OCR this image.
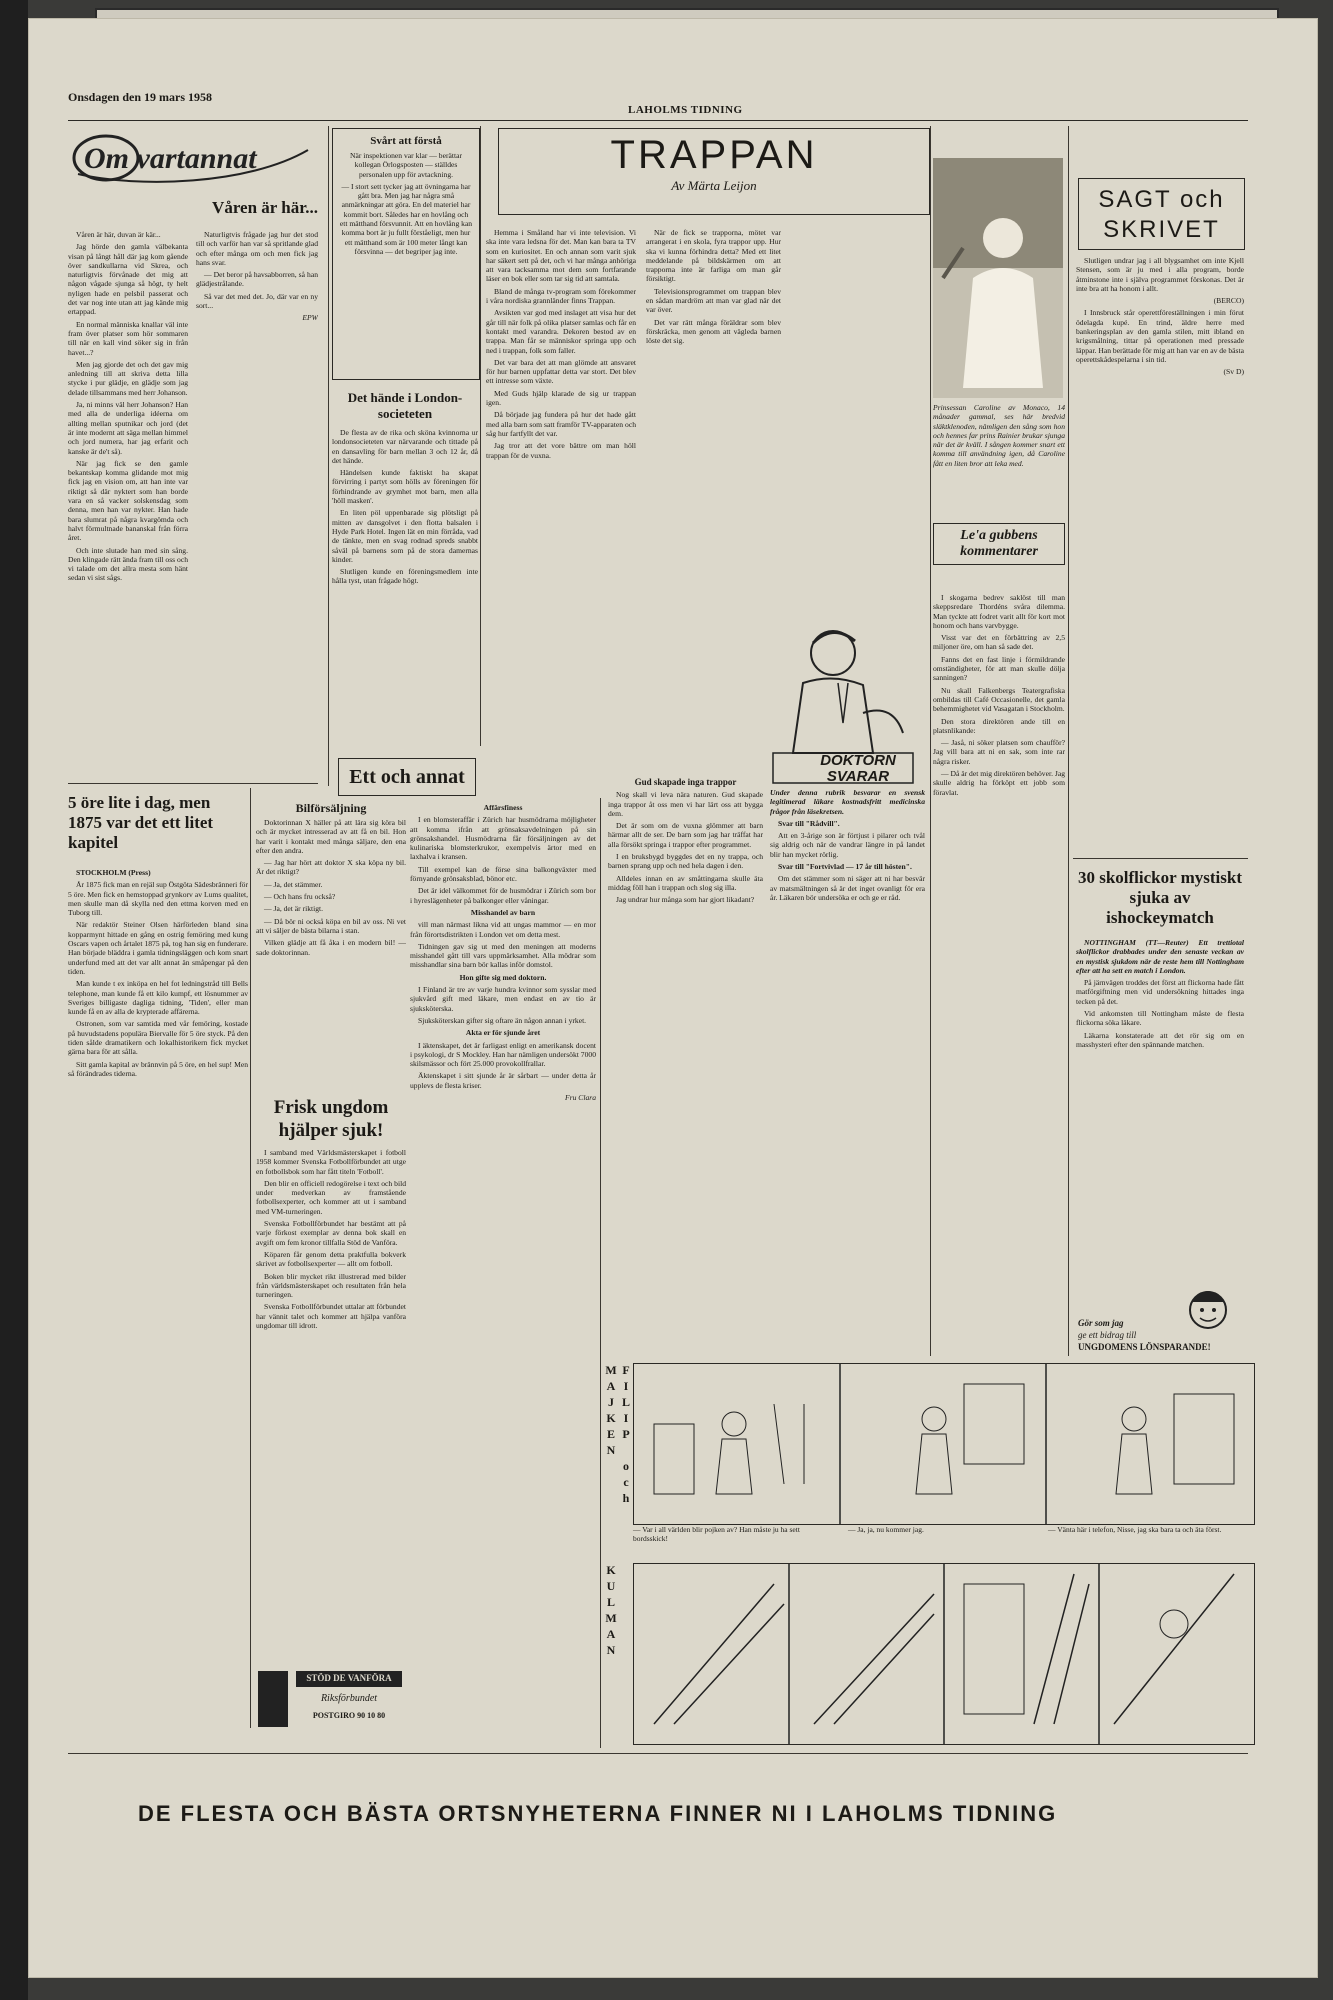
Onsdagen den 19 mars 1958
LAHOLMS TIDNING
Om vartannat
Våren är här...

Våren är här, duvan är kär...

Jag hörde den gamla välbekanta visan på långt håll där jag kom gående över sandkullarna vid Skrea, och naturligtvis förvånade det mig att någon vågade sjunga så högt, ty helt nyligen hade en pelsbil passerat och det var nog inte utan att jag kände mig ertappad.

En normal människa knallar väl inte fram över platser som hör sommaren till när en kall vind söker sig in från havet...?

Men jag gjorde det och det gav mig anledning till att skriva detta lilla stycke i pur glädje, en glädje som jag delade tillsammans med herr Johanson.

Ja, ni minns väl herr Johanson? Han med alla de underliga idéerna om allting mellan sputnikar och jord (det är inte modernt att säga mellan himmel och jord numera, har jag erfarit och kanske är de't så).

När jag fick se den gamle bekantskap komma glidande mot mig fick jag en vision om, att han inte var riktigt så där nyktert som han borde vara en så vacker solskensdag som denna, men han var nykter. Han hade bara slumrat på några kvargömda och halvt förmultnade bananskal från förra året.

Och inte slutade han med sin sång. Den klingade rätt ända fram till oss och vi talade om det allra mesta som hänt sedan vi sist sågs.

Naturligtvis frågade jag hur det stod till och varför han var så spritlande glad och efter många om och men fick jag hans svar.

— Det beror på havsabborren, så han glädjestrålande.

Så var det med det. Jo, där var en ny sort...

EPW

5 öre lite i dag, men 1875 var det ett litet kapitel

STOCKHOLM (Press)

År 1875 fick man en rejäl sup Östgöta Sädesbränneri för 5 öre. Men fick en hemstoppad grynkorv av Lums qualitet, men skulle man då skylla ned den ettma korven med en Tuborg till.

När redaktör Steiner Olsen härförleden bland sina kopparmynt hittade en gång en ostrig femöring med kung Oscars vapen och årtalet 1875 på, tog han sig en funderare. Han började bläddra i gamla tidningsläggen och kom snart underfund med att det var allt annat än småpengar på den tiden.

Man kunde t ex inköpa en hel fot ledningstråd till Bells telephone, man kunde få ett kilo kumpf, ett lösnummer av Sveriges billigaste dagliga tidning, 'Tiden', eller man kunde få en av alla de krypterade affärerna.

Ostronen, som var samtida med vår femöring, kostade på huvudstadens populära Biervalle för 5 öre styck. På den tiden sålde dramatikern och lokalhistorikern fick mycket gärna bara för att sålla.

Sitt gamla kapital av brännvin på 5 öre, en hel sup! Men så förändrades tiderna.

Bilförsäljning

Doktorinnan X häller på att lära sig köra bil och är mycket intresserad av att få en bil. Hon har varit i kontakt med många säljare, den ena efter den andra.

— Jag har hört att doktor X ska köpa ny bil. Är det riktigt?

— Ja, det stämmer.

— Och hans fru också?

— Ja, det är riktigt.

— Då bör ni också köpa en bil av oss. Ni vet att vi säljer de bästa bilarna i stan.

Vilken glädje att få åka i en modern bil! — sade doktorinnan.

Frisk ungdom hjälper sjuk!

I samband med Världsmästerskapet i fotboll 1958 kommer Svenska Fotbollförbundet att utge en fotbollsbok som har fått titeln 'Fotboll'.

Den blir en officiell redogörelse i text och bild under medverkan av framstående fotbollsexperter, och kommer att ut i samband med VM-turneringen.

Svenska Fotbollförbundet har bestämt att på varje förkost exemplar av denna bok skall en avgift om fem kronor tillfalla Stöd de Vanföra.

Köparen får genom detta praktfulla bokverk skrivet av fotbollsexperter — allt om fotboll.

Boken blir mycket rikt illustrerad med bilder från världsmästerskapet och resultaten från hela turneringen.

Svenska Fotbollförbundet uttalar att förbundet har vännit talet och kommer att hjälpa vanföra ungdomar till idrott.

STÖD DE VANFÖRA
Riksförbundet
POSTGIRO 90 10 80
Svårt att förstå

När inspektionen var klar — berättar kollegan Örlogsposten — ställdes personalen upp för avtackning.

— I stort sett tycker jag att övningarna har gått bra. Men jag har några små anmärkningar att göra. En del materiel har kommit bort. Således har en hovlång och ett mätthand försvunnit. Att en hovlång kan komma bort är ju fullt förståeligt, men hur ett mätthand som är 100 meter långt kan försvinna — det begriper jag inte.

Det hände i London-societeten

De flesta av de rika och sköna kvinnorna ur londonsocieteten var närvarande och tittade på en dansavling för barn mellan 3 och 12 år, då det hände.

Händelsen kunde faktiskt ha skapat förvirring i partyt som hölls av föreningen för förhindrande av grymhet mot barn, men alla 'höll masken'.

En liten pöl uppenbarade sig plötsligt på mitten av dansgolvet i den flotta balsalen i Hyde Park Hotel. Ingen lät en min förråda, vad de tänkte, men en svag rodnad spreds snabbt såväl på barnens som på de stora damernas kinder.

Slutligen kunde en föreningsmedlem inte hålla tyst, utan frågade högt.

Ett och annat

Affärsfiness

I en blomsteraffär i Zürich har husmödrarna möjligheter att komma ifrån att grönsaksavdelningen på sin grönsakshandel. Husmödrarna får försäljningen av det kulinariska blomsterkrukor, exempelvis ärtor med en laxhalva i kransen.

Till exempel kan de förse sina balkongväxter med förnyande grönsaksblad, bönor etc.

Det är idel välkommet för de husmödrar i Zürich som bor i hyreslägenheter på balkonger eller våningar.

Misshandel av barn

vill man närmast likna vid att ungas mammor — en mor från förortsdistrikten i London vet om detta mest.

Tidningen gav sig ut med den meningen att moderns misshandel gått till vars uppmärksamhet. Alla mödrar som misshandlar sina barn bör kallas inför domstol.

Hon gifte sig med doktorn.

I Finland är tre av varje hundra kvinnor som sysslar med sjukvård gift med läkare, men endast en av tio är sjuksköterska.

Sjuksköterskan gifter sig oftare än någon annan i yrket.

Akta er för sjunde året

I äktenskapet, det är farligast enligt en amerikansk docent i psykologi, dr S Mockley. Han har nämligen undersökt 7000 skilsmässor och fört 25.000 provokollfrallar.

Äktenskapet i sitt sjunde år är sårbart — under detta år upplevs de flesta kriser.

Fru Clara

TRAPPAN
Av Märta Leijon

Hemma i Småland har vi inte television. Vi ska inte vara ledsna för det. Man kan bara ta TV som en kuriositet. En och annan som varit sjuk har säkert sett på det, och vi har många anhöriga att vara tacksamma mot dem som fortfarande läser en bok eller som tar sig tid att samtala.

Bland de många tv-program som förekommer i våra nordiska grannländer finns Trappan.

Avsikten var god med inslaget att visa hur det går till när folk på olika platser samlas och får en kontakt med varandra. Dekoren bestod av en trappa. Man får se människor springa upp och ned i trappan, folk som faller.

Det var bara det att man glömde att ansvaret för hur barnen uppfattar detta var stort. Det blev ett intresse som växte.

Med Guds hjälp klarade de sig ur trappan igen.

Då började jag fundera på hur det hade gått med alla barn som satt framför TV-apparaten och såg hur fartfyllt det var.

Jag tror att det vore bättre om man höll trappan för de vuxna.

Gud skapade inga trappor

Nog skall vi leva nära naturen. Gud skapade inga trappor åt oss men vi har lärt oss att bygga dem.

Det är som om de vuxna glömmer att barn härmar allt de ser. De barn som jag har träffat har alla försökt springa i trappor efter programmet.

I en bruksbygd byggdes det en ny trappa, och barnen sprang upp och ned hela dagen i den.

Alldeles innan en av småttingarna skulle äta middag föll han i trappan och slog sig illa.

Jag undrar hur många som har gjort likadant?

När de fick se trapporna, mötet var arrangerat i en skola, fyra trappor upp. Hur ska vi kunna förhindra detta? Med ett litet meddelande på bildskärmen om att trapporna inte är farliga om man går försiktigt.

Televisionsprogrammet om trappan blev en sådan mardröm att man var glad när det var över.

Det var rätt många föräldrar som blev förskräcka, men genom att vägleda barnen löste det sig.

DOKTORN SVARAR

Under denna rubrik besvarar en svensk legitimerad läkare kostnadsfritt medicinska frågor från läsekretsen.

Svar till "Rådvill".

Att en 3-årige son är förtjust i pilarer och tvål sig aldrig och när de vandrar längre in på landet blir han mycket rörlig.

Svar till "Fortvivlad — 17 år till hösten".

Om det stämmer som ni säger att ni har besvär av matsmältningen så är det inget ovanligt för era år. Läkaren bör undersöka er och ge er råd.

Prinsessan Caroline av Monaco, 14 månader gammal, ses här bredvid släktklenoden, nämligen den sång som hon och hennes far prins Rainier brukar sjunga när det är kväll. I sången kommer snart ett komma till användning igen, då Caroline fått en liten bror att leka med.

Le'a gubbens kommentarer

I skogarna bedrev saklöst till man skeppsredare Thordéns svåra dilemma. Man tyckte att fodret varit allt för kort mot honom och hans varvbygge.

Visst var det en förbättring av 2,5 miljoner öre, om han så sade det.

Fanns det en fast linje i förmildrande omständigheter, för att man skulle dölja sanningen?

Nu skall Falkenbergs Teatergrafiska ombildas till Café Occasionelle, det gamla behemmighetet vid Vasagatan i Stockholm.

Den stora direktören ande till en platsnlikande:

— Jaså, ni söker platsen som chaufför? Jag vill bara att ni en sak, som inte rar några risker.

— Då är det mig direktören behöver. Jag skulle aldrig ha förköpt ett jobb som föravlat.

SAGT och SKRIVET

Slutligen undrar jag i all blygsamhet om inte Kjell Stensen, som är ju med i alla program, borde åtminstone inte i själva programmet förskonas. Det är inte bra att ha honom i allt.

(BERCO)

I Innsbruck står operettföreställningen i min förut ödelagda kupé. En trind, äldre herre med bankeringsplan av den gamla stilen, mitt ibland en krigsmålning, tittar på operationen med pressade läppar. Han berättade för mig att han var en av de bästa operettskådespelarna i sin tid.

(Sv D)

30 skolflickor mystiskt sjuka av ishockeymatch

NOTTINGHAM (TT—Reuter) Ett trettiotal skolflickor drabbades under den senaste veckan av en mystisk sjukdom när de reste hem till Nottingham efter att ha sett en match i London.

På järnvägen troddes det först att flickorna hade fått matförgiftning men vid undersökning hittades inga tecken på det.

Vid ankomsten till Nottingham måste de flesta flickorna söka läkare.

Läkarna konstaterade att det rör sig om en masshysteri efter den spännande matchen.

Gör som jag
ge ett bidrag till
UNGDOMENS LÖNSPARANDE!
FILIP och MAJKEN
— Var i all världen blir pojken av? Han måste ju ha sett bordsskick!
— Ja, ja, nu kommer jag.	— Vänta här i telefon, Nisse, jag ska bara ta och äta först.
KULMAN
DE FLESTA OCH BÄSTA ORTSNYHETERNA FINNER NI I LAHOLMS TIDNING
